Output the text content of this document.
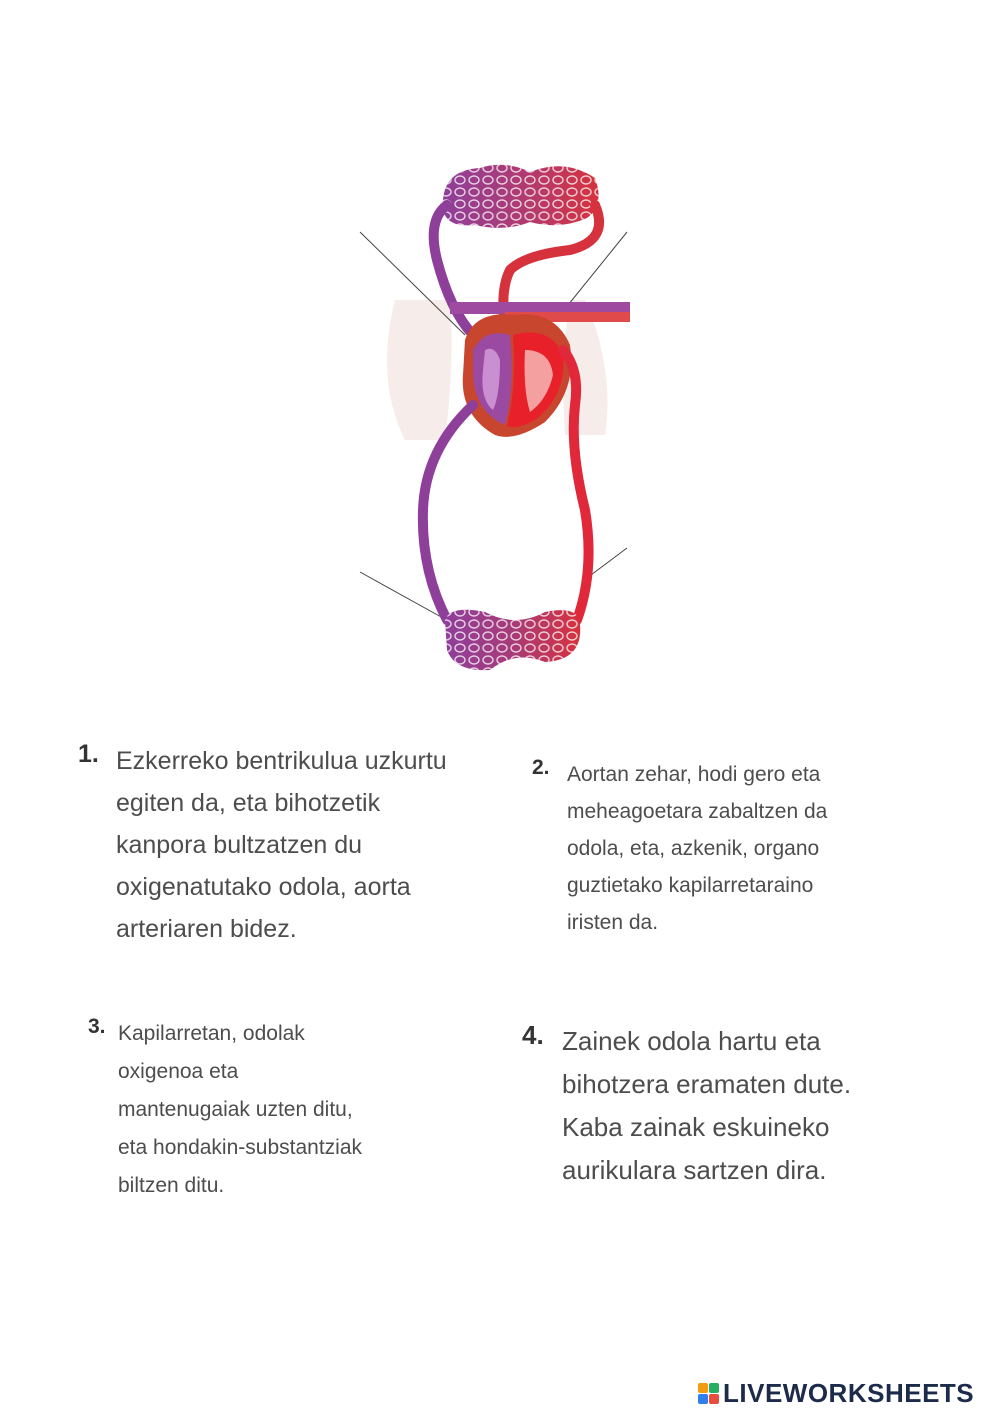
1. Ezkerreko bentrikulua uzkurtu
egiten da, eta bihotzetik
kanpora bultzatzen du
oxigenatutako odola, aorta
arteriaren bidez.
2. Aortan zehar, hodi gero eta
meheagoetara zabaltzen da
odola, eta, azkenik, organo
guztietako kapilarretaraino
iristen da.
3. Kapilarretan, odolak
oxigenoa eta
mantenugaiak uzten ditu,
eta hondakin-substantziak
biltzen ditu.
4. Zainek odola hartu eta
bihotzera eramaten dute.
Kaba zainak eskuineko
aurikulara sartzen dira.
LIVEWORKSHEETS
